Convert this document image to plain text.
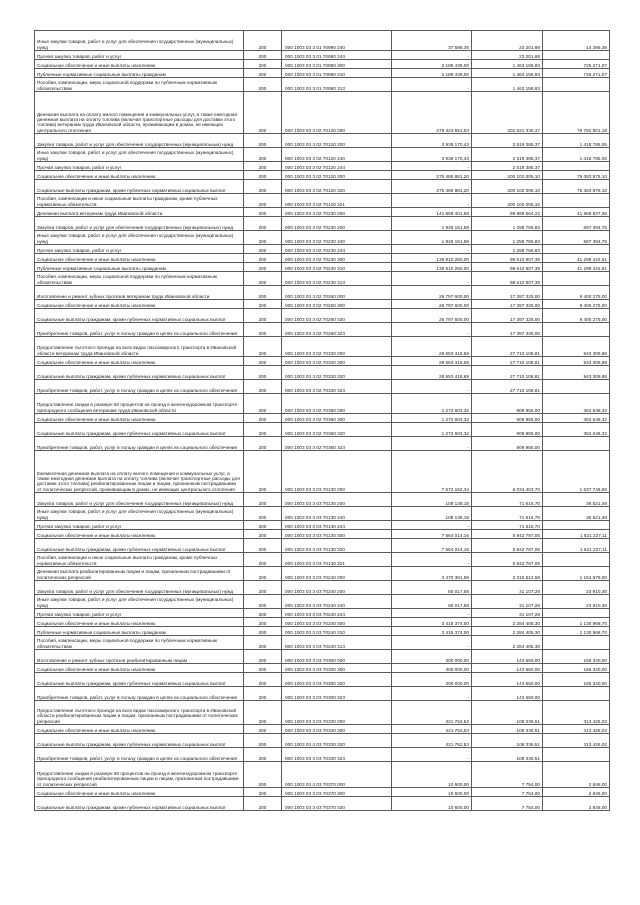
Иные закупки товаров, работ и услуг для обеспечения государственных (муниципальных) нужд	200	000 1003 03 3 01 70990 240	37 588,36	23 201,98	14 386,38
Прочая закупка товаров, работ и услуг	200	000 1003 03 3 01 70990 244	-	23 201,98	
Социальное обеспечение и иные выплаты населению	200	000 1003 03 3 01 70990 300	2 189 439,00	1 463 158,93	726 271,07
Публичные нормативные социальные выплаты гражданам	200	000 1003 03 3 01 70990 310	2 189 439,00	1 463 158,93	726 271,07
Пособия, компенсации, меры социальной поддержки по публичным нормативным обязательствам	200	000 1003 03 3 01 70990 313	-	1 463 158,93	
Денежная выплата на оплату жилого помещения и коммунальных услуг, а также ежегодная денежная выплата на оплату топлива (включая транспортные расходы для доставки этого топлива) ветеранам труда Ивановской области, проживающим в домах, не имеющих центрального отопления	200	000 1003 03 3 02 70120 000	279 424 651,53	202 621 330,47	76 782 801,18
Закупка товаров, работ и услуг для обеспечения государственных (муниципальных) нужд	200	000 1003 03 3 02 70120 200	3 938 170,43	2 519 385,37	1 418 785,06
Иные закупки товаров, работ и услуг для обеспечения государственных (муниципальных) нужд	200	000 1003 03 3 02 70120 240	3 938 170,43	2 519 385,37	1 418 785,06
Прочая закупка товаров, работ и услуг	200	000 1003 03 3 02 70120 244	-	2 519 385,37	
Социальное обеспечение и иные выплаты населению	200	000 1003 03 3 02 70120 300	275 486 881,20	200 102 005,10	75 383 876,10
Социальные выплаты гражданам, кроме публичных нормативных социальных выплат	200	000 1003 03 3 02 70120 320	275 486 881,20	200 102 005,10	75 383 876,10
Пособия, компенсации и иные социальные выплаты гражданам, кроме публичных нормативных обязательств	200	000 1003 03 3 02 70120 321	-	200 102 005,10	
Денежная выплата ветеранам труда Ивановской области	200	000 1003 03 3 02 70230 000	141 858 401,58	99 889 564,22	41 968 837,36
Закупка товаров, работ и услуг для обеспечения государственных (муниципальных) нужд	200	000 1003 03 3 02 70230 200	1 946 151,58	1 258 756,83	687 394,75
Иные закупки товаров, работ и услуг для обеспечения государственных (муниципальных) нужд	200	000 1003 03 3 02 70230 240	1 946 151,58	1 258 756,83	687 394,75
Прочая закупка товаров, работ и услуг	200	000 1003 03 3 02 70230 244	-	1 258 756,83	
Социальное обеспечение и иные выплаты населению	200	000 1003 03 3 02 70230 300	139 910 250,00	98 610 807,39	41 299 442,61
Публичные нормативные социальные выплаты гражданам	200	000 1003 03 3 02 70230 310	139 910 250,00	98 610 807,39	41 299 442,61
Пособия, компенсации, меры социальной поддержки по публичным нормативным обязательствам	200	000 1003 03 3 02 70230 313	-	98 610 807,39	
Изготовление и ремонт зубных протезов ветеранам труда Ивановской области	200	000 1003 03 3 02 70260 000	26 797 600,00	17 397 325,00	9 400 275,00
Социальное обеспечение и иные выплаты населению	200	000 1003 03 3 02 70260 300	26 797 600,00	17 397 325,00	9 400 275,00
Социальные выплаты гражданам, кроме публичных нормативных социальных выплат	200	000 1003 03 3 02 70260 320	26 797 600,00	17 397 325,00	9 400 275,00
Приобретение товаров, работ, услуг в пользу граждан в целях их социального обеспечения	200	000 1003 03 3 02 70260 323	-	17 397 325,00	
Предоставление льготного проезда на всех видах пассажирского транспорта в Ивановской области ветеранам труда Ивановской области	200	000 1003 03 3 02 70320 000	28 653 418,69	27 710 108,81	943 309,88
Социальное обеспечение и иные выплаты населению	200	000 1003 03 3 02 70320 300	28 653 418,69	27 710 108,81	943 309,88
Социальные выплаты гражданам, кроме публичных нормативных социальных выплат	200	000 1003 03 3 02 70320 320	28 653 418,69	27 710 108,81	943 309,88
Приобретение товаров, работ, услуг в пользу граждан в целях их социального обеспечения	200	000 1003 03 3 02 70320 323	-	27 710 108,81	
Предоставление скидки в размере 50 процентов на проезд в железнодорожном транспорте пригородного сообщения ветеранам труда Ивановской области	200	000 1003 03 3 02 70360 000	1 272 603,32	909 955,00	362 648,32
Социальное обеспечение и иные выплаты населению	200	000 1003 03 3 02 70360 300	1 272 603,32	909 955,00	362 648,32
Социальные выплаты гражданам, кроме публичных нормативных социальных выплат	200	000 1003 03 3 02 70360 320	1 272 603,32	909 955,00	362 648,32
Приобретение товаров, работ, услуг в пользу граждан в целях их социального обеспечения	200	000 1003 03 3 02 70360 323	-	909 955,00	
Ежемесячная денежная выплата на оплату жилого помещения и коммунальных услуг, а также ежегодная денежная выплата на оплату топлива (включая транспортные расходы для доставки этого топлива) реабилитированным лицам и лицам, признанным пострадавшими от политических репрессий, проживающим в домах, не имеющих центрального отопления	200	000 1003 03 3 03 70130 000	7 672 152,34	6 034 403,70	1 637 748,59
Закупка товаров, работ и услуг для обеспечения государственных (муниципальных) нужд	200	000 1003 03 3 03 70130 200	108 138,18	71 616,70	36 521,48
Иные закупки товаров, работ и услуг для обеспечения государственных (муниципальных) нужд	200	000 1003 03 3 03 70130 240	108 138,18	71 616,70	36 521,48
Прочая закупка товаров, работ и услуг	200	000 1003 03 3 03 70130 244	-	71 616,70	
Социальное обеспечение и иные выплаты населению	200	000 1003 03 3 03 70130 300	7 564 014,16	5 942 787,05	1 621 227,11
Социальные выплаты гражданам, кроме публичных нормативных социальных выплат	200	000 1003 03 3 03 70130 320	7 564 014,16	5 942 787,05	1 621 227,11
Пособия, компенсации и иные социальные выплаты гражданам, кроме публичных нормативных обязательств	200	000 1003 03 3 03 70130 321	-	5 942 787,05	
Денежная выплата реабилитированным лицам и лицам, признанным пострадавшими от политических репрессий	200	000 1003 03 3 03 70240 000	3 470 391,58	2 315 512,58	1 154 879,00
Закупка товаров, работ и услуг для обеспечения государственных (муниципальных) нужд	200	000 1003 03 3 03 70240 200	55 017,58	31 107,28	23 910,30
Иные закупки товаров, работ и услуг для обеспечения государственных (муниципальных) нужд	200	000 1003 03 3 03 70240 240	55 017,58	31 107,28	23 910,30
Прочая закупка товаров, работ и услуг	200	000 1003 03 3 03 70240 244	-	31 107,28	
Социальное обеспечение и иные выплаты населению	200	000 1003 03 3 03 70240 300	3 415 374,00	2 284 405,30	1 130 968,70
Публичные нормативные социальные выплаты гражданам	200	000 1003 03 3 03 70240 310	3 415 374,00	2 284 405,30	1 130 968,70
Пособия, компенсации, меры социальной поддержки по публичным нормативным обязательствам	200	000 1003 03 3 03 70240 313	-	2 284 405,30	
Изготовление и ремонт зубных протезов реабилитированным лицам	200	000 1003 03 3 03 70300 000	300 000,00	143 660,00	156 340,00
Социальное обеспечение и иные выплаты населению	200	000 1003 03 3 03 70300 300	300 000,00	143 660,00	156 340,00
Социальные выплаты гражданам, кроме публичных нормативных социальных выплат	200	000 1003 03 3 03 70300 320	300 000,00	143 660,00	156 340,00
Приобретение товаров, работ, услуг в пользу граждан в целях их социального обеспечения	200	000 1003 03 3 03 70300 323	-	143 660,00	
Предоставление льготного проезда на всех видах пассажирского транспорта в Ивановской области реабилитированным лицам и лицам, признанным пострадавшими от политических репрессий	200	000 1003 03 3 03 70330 000	421 762,53	108 336,51	313 426,02
Социальное обеспечение и иные выплаты населению	200	000 1003 03 3 03 70330 300	421 762,53	108 336,51	313 426,02
Социальные выплаты гражданам, кроме публичных нормативных социальных выплат	200	000 1003 03 3 03 70330 320	421 762,53	108 336,51	313 426,02
Приобретение товаров, работ, услуг в пользу граждан в целях их социального обеспечения	200	000 1003 03 3 03 70330 323	-	108 336,51	
Предоставление скидки в размере 50 процентов на проезд в железнодорожном транспорте пригородного сообщения реабилитированным лицам и лицам, признанным пострадавшими от политических репрессий	200	000 1003 03 3 03 70370 000	10 600,00	7 754,00	2 846,00
Социальное обеспечение и иные выплаты населению	200	000 1003 03 3 03 70370 300	10 600,00	7 754,00	2 846,00
Социальные выплаты гражданам, кроме публичных нормативных социальных выплат	200	000 1003 03 3 03 70370 320	10 600,00	7 754,00	2 846,00
